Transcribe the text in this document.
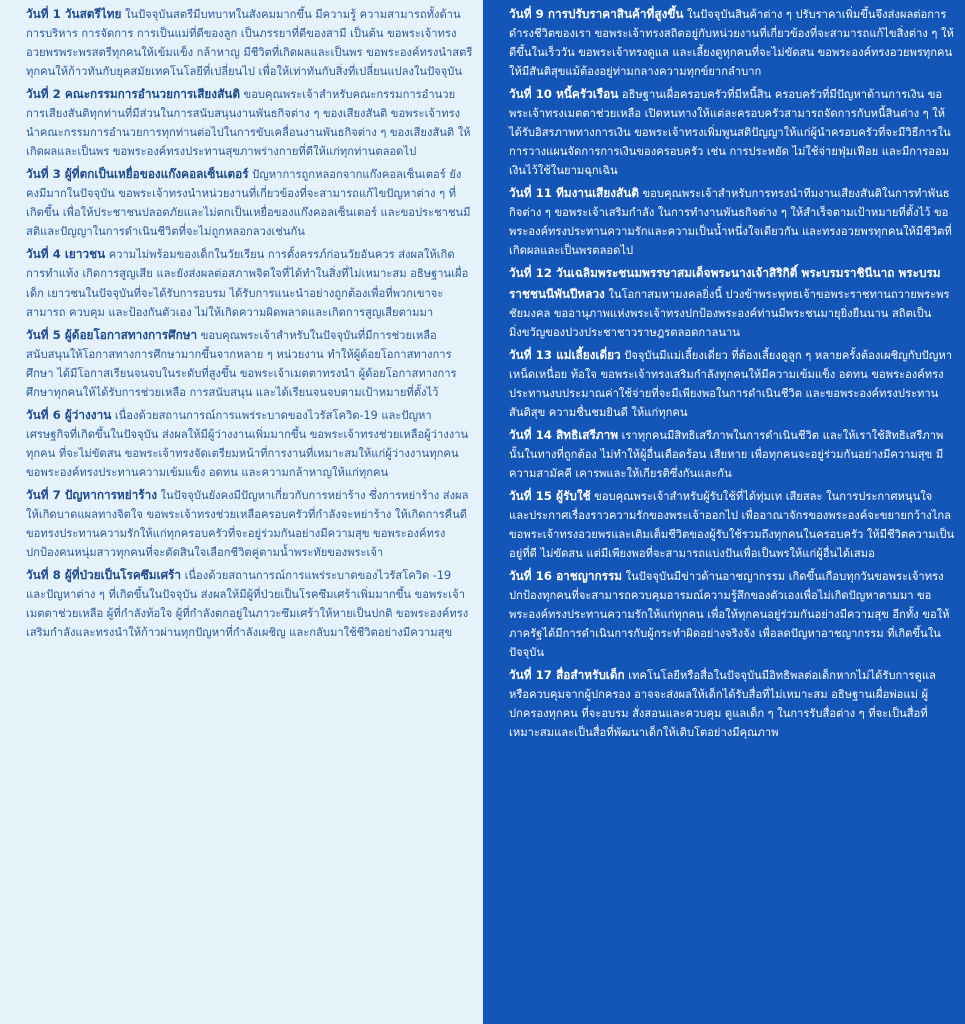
วันที่ 1 วันสตรีไทย ในปัจจุบันสตรีมีบทบาทในสังคมมากขึ้น มีความรู้ ความสามารถทั้งด้านการบริหาร การจัดการ การเป็นแม่ที่ดีของลูก เป็นภรรยาที่ดีของสามี เป็นต้น ขอพระเจ้าทรงอวยพรพระพรสตรีทุกคนให้เข้มแข็ง กล้าหาญ มีชีวิตที่เกิดผลและเป็นพร ขอพระองค์ทรงนำสตรีทุกคนให้ก้าวทันกับยุคสมัยเทคโนโลยีที่เปลี่ยนไป เพื่อให้เท่าทันกับสิ่งที่เปลี่ยนแปลงในปัจจุบัน

วันที่ 2 คณะกรรมการอำนวยการเสียงสันติ ขอบคุณพระเจ้าสำหรับคณะกรรมการอำนวยการเสียงสันติทุกท่านที่มีส่วนในการสนับสนุนงานพันธกิจต่าง ๆ ของเสียงสันติ ขอพระเจ้าทรงนำคณะกรรมการอำนวยการทุกท่านต่อไปในการขับเคลื่อนงานพันธกิจต่าง ๆ ของเสียงสันติ ให้เกิดผลและเป็นพร ขอพระองค์ทรงประทานสุขภาพร่างกายที่ดีให้แก่ทุกท่านตลอดไป

วันที่ 3 ผู้ที่ตกเป็นเหยื่อของแก๊งคอลเซ็นเตอร์ ปัญหาการถูกหลอกจากแก๊งคอลเซ็นเตอร์ ยังคงมีมากในปัจจุบัน ขอพระเจ้าทรงนำหน่วยงานที่เกี่ยวข้องที่จะสามารถแก้ไขปัญหาต่าง ๆ ที่เกิดขึ้น เพื่อให้ประชาชนปลอดภัยและไม่ตกเป็นเหยื่อของแก๊งคอลเซ็นเตอร์ และขอประชาชนมีสติและปัญญาในการดำเนินชีวิตที่จะไม่ถูกหลอกลวงเช่นกัน

วันที่ 4 เยาวชน ความไม่พร้อมของเด็กในวัยเรียน การตั้งครรภ์ก่อนวัยอันควร ส่งผลให้เกิดการทำแท้ง เกิดการสูญเสีย และยังส่งผลต่อสภาพจิตใจที่ได้ทำในสิ่งที่ไม่เหมาะสม อธิษฐานเผื่อเด็ก เยาวชนในปัจจุบันที่จะได้รับการอบรม ได้รับการแนะนำอย่างถูกต้องเพื่อที่พวกเขาจะสามารถ ควบคุม และป้องกันตัวเอง ไม่ให้เกิดความผิดพลาดและเกิดการสูญเสียตามมา

วันที่ 5 ผู้ด้อยโอกาสทางการศึกษา ขอบคุณพระเจ้าสำหรับในปัจจุบันที่มีการช่วยเหลือ สนับสนุนให้โอกาสทางการศึกษามากขึ้นจากหลาย ๆ หน่วยงาน ทำให้ผู้ด้อยโอกาสทางการศึกษา ได้มีโอกาสเรียนจนจบในระดับที่สูงขึ้น ขอพระเจ้าเมตตาทรงนำ ผู้ด้อยโอกาสทางการศึกษาทุกคนให้ได้รับการช่วยเหลือ การสนับสนุน และได้เรียนจนจบตามเป้าหมายที่ตั้งไว้

วันที่ 6 ผู้ว่างงาน เนื่องด้วยสถานการณ์การแพร่ระบาดของไวรัสโควิด-19 และปัญหาเศรษฐกิจที่เกิดขึ้นในปัจจุบัน ส่งผลให้มีผู้ว่างงานเพิ่มมากขึ้น ขอพระเจ้าทรงช่วยเหลือผู้ว่างงานทุกคน ที่จะไม่ขัดสน ขอพระเจ้าทรงจัดเตรียมหน้าที่การงานที่เหมาะสมให้แก่ผู้ว่างงานทุกคน ขอพระองค์ทรงประทานความเข้มแข็ง อดทน และความกล้าหาญให้แก่ทุกคน

วันที่ 7 ปัญหาการหย่าร้าง ในปัจจุบันยังคงมีปัญหาเกี่ยวกับการหย่าร้าง ซึ่งการหย่าร้าง ส่งผลให้เกิดบาดแผลทางจิตใจ ขอพระเจ้าทรงช่วยเหลือครอบครัวที่กำลังจะหย่าร้าง ให้เกิดการคืนดี ขอทรงประทานความรักให้แก่ทุกครอบครัวที่จะอยู่ร่วมกันอย่างมีความสุข ขอพระองค์ทรงปกป้องคนหนุ่มสาวทุกคนที่จะตัดสินใจเลือกชีวิตคู่ตามน้ำพระทัยของพระเจ้า

วันที่ 8 ผู้ที่ป่วยเป็นโรคซึมเศร้า เนื่องด้วยสถานการณ์การแพร่ระบาดของไวรัสโควิด -19 และปัญหาต่าง ๆ ที่เกิดขึ้นในปัจจุบัน ส่งผลให้มีผู้ที่ป่วยเป็นโรคซึมเศร้าเพิ่มมากขึ้น ขอพระเจ้าเมตตาช่วยเหลือ ผู้ที่กำลังท้อใจ ผู้ที่กำลังตกอยู่ในภาวะซึมเศร้าให้หายเป็นปกติ ขอพระองค์ทรงเสริมกำลังและทรงนำให้ก้าวผ่านทุกปัญหาที่กำลังเผชิญ และกลับมาใช้ชีวิตอย่างมีความสุข

วันที่ 9 การปรับราคาสินค้าที่สูงขึ้น ในปัจจุบันสินค้าต่าง ๆ ปรับราคาเพิ่มขึ้นจึงส่งผลต่อการดำรงชีวิตของเรา ขอพระเจ้าทรงสถิตอยู่กับหน่วยงานที่เกี่ยวข้องที่จะสามารถแก้ไขสิ่งต่าง ๆ ให้ดีขึ้นในเร็ววัน ขอพระเจ้าทรงดูแล และเลี้ยงดูทุกคนที่จะไม่ขัดสน ขอพระองค์ทรงอวยพรทุกคนให้มีสันติสุขแม้ต้องอยู่ท่ามกลางความทุกข์ยากลำบาก

วันที่ 10 หนี้ครัวเรือน อธิษฐานเผื่อครอบครัวที่มีหนี้สิน ครอบครัวที่มีปัญหาด้านการเงิน ขอพระเจ้าทรงเมตตาช่วยเหลือ เปิดหนทางให้แต่ละครอบครัวสามารถจัดการกับหนี้สินต่าง ๆ ให้ได้รับอิสรภาพทางการเงิน ขอพระเจ้าทรงเพิ่มพูนสติปัญญาให้แก่ผู้นำครอบครัวที่จะมีวิธีการในการวางแผนจัดการการเงินของครอบครัว เช่น การประหยัด ไม่ใช้จ่ายฟุ่มเฟือย และมีการออมเงินไว้ใช้ในยามฉุกเฉิน

วันที่ 11 ทีมงานเสียงสันติ ขอบคุณพระเจ้าสำหรับการทรงนำทีมงานเสียงสันติในการทำพันธกิจต่าง ๆ ขอพระเจ้าเสริมกำลัง ในการทำงานพันธกิจต่าง ๆ ให้สำเร็จตามเป้าหมายที่ตั้งไว้ ขอพระองค์ทรงประทานความรักและความเป็นน้ำหนึ่งใจเดียวกัน และทรงอวยพรทุกคนให้มีชีวิตที่เกิดผลและเป็นพรตลอดไป

วันที่ 12 วันเฉลิมพระชนมพรรษาสมเด็จพระนางเจ้าสิริกิติ์ พระบรมราชินีนาถ พระบรมราชชนนีพันปีหลวง ในโอกาสมหามงคลยิ่งนี้ ปวงข้าพระพุทธเจ้าขอพระราชทานถวายพระพรชัยมงคล ขออานุภาพแห่งพระเจ้าทรงปกป้องพระองค์ท่านมีพระชนมายุยิ่งยืนนาน สถิตเป็นมิ่งขวัญของปวงประชาชาวราษฎรตลอดกาลนาน

วันที่ 13 แม่เลี้ยงเดี่ยว ปัจจุบันมีแม่เลี้ยงเดี่ยว ที่ต้องเลี้ยงดูลูก ๆ หลายครั้งต้องเผชิญกับปัญหา เหน็ดเหนื่อย ท้อใจ ขอพระเจ้าทรงเสริมกำลังทุกคนให้มีความเข้มแข็ง อดทน ขอพระองค์ทรงประทานงบประมาณค่าใช้จ่ายที่จะมีเพียงพอในการดำเนินชีวิต และขอพระองค์ทรงประทานสันติสุข ความชื่นชมยินดี ให้แก่ทุกคน

วันที่ 14 สิทธิเสรีภาพ เราทุกคนมีสิทธิเสรีภาพในการดำเนินชีวิต และให้เราใช้สิทธิเสรีภาพนั้นในทางที่ถูกต้อง ไม่ทำให้ผู้อื่นเดือดร้อน เสียหาย เพื่อทุกคนจะอยู่ร่วมกันอย่างมีความสุข มีความสามัคคี เคารพและให้เกียรติซึ่งกันและกัน

วันที่ 15 ผู้รับใช้ ขอบคุณพระเจ้าสำหรับผู้รับใช้ที่ได้ทุ่มเท เสียสละ ในการประกาศหนุนใจ และประกาศเรื่องราวความรักของพระเจ้าออกไป เพื่ออาณาจักรของพระองค์จะขยายกว้างไกล ขอพระเจ้าทรงอวยพรและเติมเต็มชีวิตของผู้รับใช้รวมถึงทุกคนในครอบครัว ให้มีชีวิตความเป็นอยู่ที่ดี ไม่ขัดสน แต่มีเพียงพอที่จะสามารถแบ่งปันเพื่อเป็นพรให้แก่ผู้อื่นได้เสมอ

วันที่ 16 อาชญากรรม ในปัจจุบันมีข่าวด้านอาชญากรรม เกิดขึ้นเกือบทุกวันขอพระเจ้าทรงปกป้องทุกคนที่จะสามารถควบคุมอารมณ์ความรู้สึกของตัวเองเพื่อไม่เกิดปัญหาตามมา ขอพระองค์ทรงประทานความรักให้แก่ทุกคน เพื่อให้ทุกคนอยู่ร่วมกันอย่างมีความสุข อีกทั้ง ขอให้ภาครัฐได้มีการดำเนินการกับผู้กระทำผิดอย่างจริงจัง เพื่อลดปัญหาอาชญากรรม ที่เกิดขึ้นในปัจจุบัน

วันที่ 17 สื่อสำหรับเด็ก เทคโนโลยีหรือสื่อในปัจจุบันมีอิทธิพลต่อเด็กหากไม่ได้รับการดูแลหรือควบคุมจากผู้ปกครอง อาจจะส่งผลให้เด็กได้รับสื่อที่ไม่เหมาะสม อธิษฐานเผื่อพ่อแม่ ผู้ปกครองทุกคน ที่จะอบรม สั่งสอนและควบคุม ดูแลเด็ก ๆ ในการรับสื่อต่าง ๆ ที่จะเป็นสื่อที่เหมาะสมและเป็นสื่อที่พัฒนาเด็กให้เติบโตอย่างมีคุณภาพ
